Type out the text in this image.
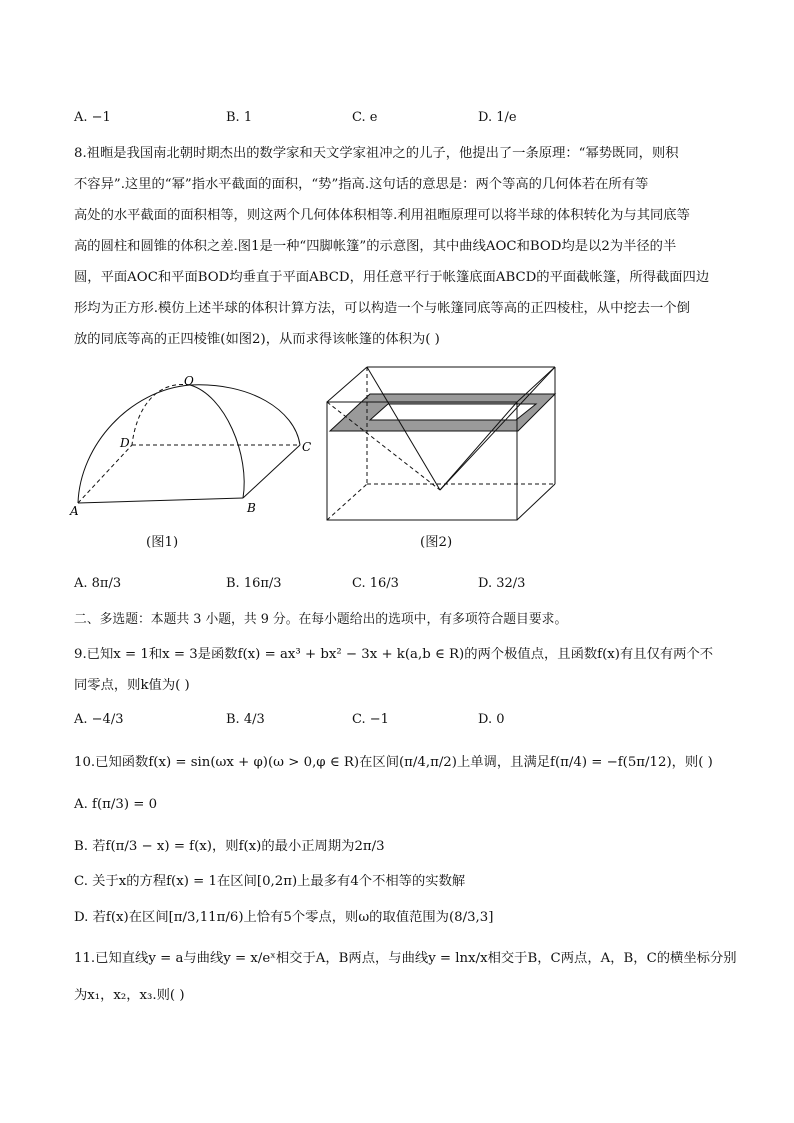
A. −1	B. 1	C. e	D. 1/e
8.祖暅是我国南北朝时期杰出的数学家和天文学家祖冲之的儿子，他提出了一条原理：“幂势既同，则积
不容异”.这里的“幂”指水平截面的面积，“势”指高.这句话的意思是：两个等高的几何体若在所有等
高处的水平截面的面积相等，则这两个几何体体积相等.利用祖暅原理可以将半球的体积转化为与其同底等
高的圆柱和圆锥的体积之差.图1是一种“四脚帐篷”的示意图，其中曲线AOC和BOD均是以2为半径的半
圆，平面AOC和平面BOD均垂直于平面ABCD，用任意平行于帐篷底面ABCD的平面截帐篷，所得截面四边
形均为正方形.模仿上述半球的体积计算方法，可以构造一个与帐篷同底等高的正四棱柱，从中挖去一个倒
放的同底等高的正四棱锥(如图2)，从而求得该帐篷的体积为( )
O
D	C
A	B
(图1)	(图2)
A. 8π/3	B. 16π/3	C. 16/3	D. 32/3
二、多选题：本题共 3 小题，共 9 分。在每小题给出的选项中，有多项符合题目要求。
9.已知x = 1和x = 3是函数f(x) = ax³ + bx² − 3x + k(a,b ∈ R)的两个极值点，且函数f(x)有且仅有两个不
同零点，则k值为( )
A. −4/3	B. 4/3	C. −1	D. 0
10.已知函数f(x) = sin(ωx + φ)(ω > 0,φ ∈ R)在区间(π/4,π/2)上单调，且满足f(π/4) = −f(5π/12)，则( )
A. f(π/3) = 0
B. 若f(π/3 − x) = f(x)，则f(x)的最小正周期为2π/3
C. 关于x的方程f(x) = 1在区间[0,2π)上最多有4个不相等的实数解
D. 若f(x)在区间[π/3,11π/6)上恰有5个零点，则ω的取值范围为(8/3,3]
11.已知直线y = a与曲线y = x/eˣ相交于A，B两点，与曲线y = lnx/x相交于B，C两点，A，B，C的横坐标分别
为x₁，x₂，x₃.则( )
